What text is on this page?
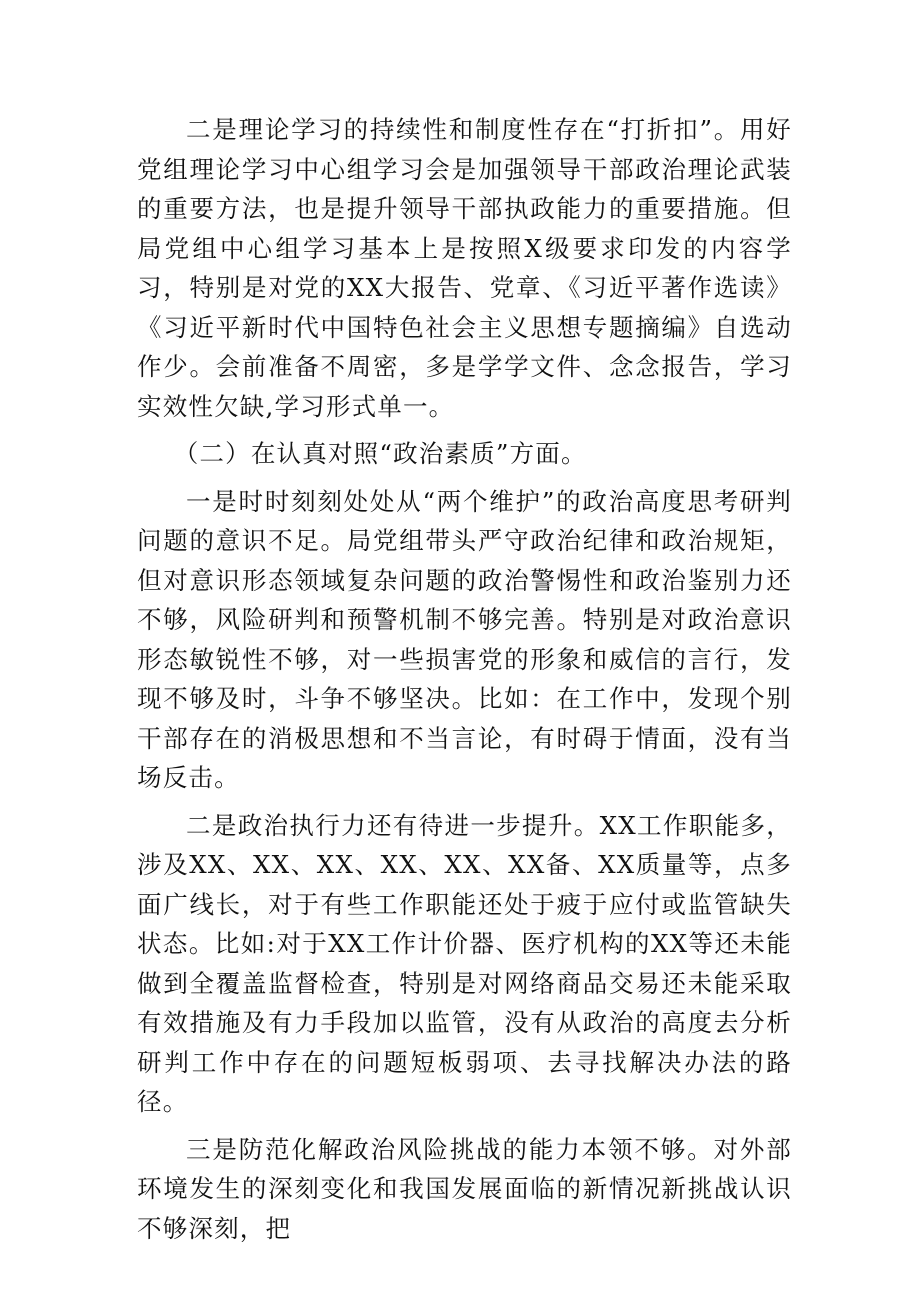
二是理论学习的持续性和制度性存在“打折扣”。用好党组理论学习中心组学习会是加强领导干部政治理论武装的重要方法，也是提升领导干部执政能力的重要措施。但局党组中心组学习基本上是按照X级要求印发的内容学习，特别是对党的XX大报告、党章、《习近平著作选读》《习近平新时代中国特色社会主义思想专题摘编》自选动作少。会前准备不周密，多是学学文件、念念报告，学习实效性欠缺,学习形式单一。

（二）在认真对照“政治素质”方面。

一是时时刻刻处处从“两个维护”的政治高度思考研判问题的意识不足。局党组带头严守政治纪律和政治规矩，但对意识形态领域复杂问题的政治警惕性和政治鉴别力还不够，风险研判和预警机制不够完善。特别是对政治意识形态敏锐性不够，对一些损害党的形象和威信的言行，发现不够及时，斗争不够坚决。比如：在工作中，发现个别干部存在的消极思想和不当言论，有时碍于情面，没有当场反击。

二是政治执行力还有待进一步提升。XX工作职能多，涉及XX、XX、XX、XX、XX、XX备、XX质量等，点多面广线长，对于有些工作职能还处于疲于应付或监管缺失状态。比如:对于XX工作计价器、医疗机构的XX等还未能做到全覆盖监督检查，特别是对网络商品交易还未能采取有效措施及有力手段加以监管，没有从政治的高度去分析研判工作中存在的问题短板弱项、去寻找解决办法的路径。

三是防范化解政治风险挑战的能力本领不够。对外部环境发生的深刻变化和我国发展面临的新情况新挑战认识不够深刻，把
